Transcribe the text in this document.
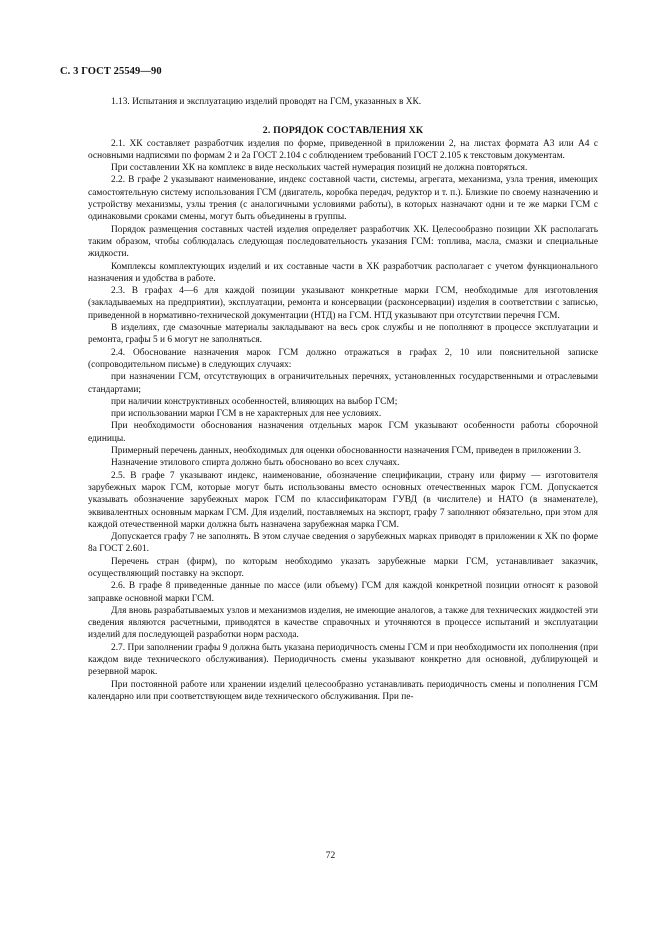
С. 3 ГОСТ 25549—90

1.13. Испытания и эксплуатацию изделий проводят на ГСМ, указанных в ХК.

2. ПОРЯДОК СОСТАВЛЕНИЯ ХК

2.1. ХК составляет разработчик изделия по форме, приведенной в приложении 2, на листах формата А3 или А4 с основными надписями по формам 2 и 2а ГОСТ 2.104 с соблюдением требований ГОСТ 2.105 к текстовым документам.

При составлении ХК на комплекс в виде нескольких частей нумерация позиций не должна повторяться.

2.2. В графе 2 указывают наименование, индекс составной части, системы, агрегата, механизма, узла трения, имеющих самостоятельную систему использования ГСМ (двигатель, коробка передач, редуктор и т. п.). Близкие по своему назначению и устройству механизмы, узлы трения (с аналогичными условиями работы), в которых назначают одни и те же марки ГСМ с одинаковыми сроками смены, могут быть объединены в группы.

Порядок размещения составных частей изделия определяет разработчик ХК. Целесообразно позиции ХК располагать таким образом, чтобы соблюдалась следующая последовательность указания ГСМ: топлива, масла, смазки и специальные жидкости.

Комплексы комплектующих изделий и их составные части в ХК разработчик располагает с учетом функционального назначения и удобства в работе.

2.3. В графах 4—6 для каждой позиции указывают конкретные марки ГСМ, необходимые для изготовления (закладываемых на предприятии), эксплуатации, ремонта и консервации (расконсервации) изделия в соответствии с записью, приведенной в нормативно-технической документации (НТД) на ГСМ. НТД указывают при отсутствии перечня ГСМ.

В изделиях, где смазочные материалы закладывают на весь срок службы и не пополняют в процессе эксплуатации и ремонта, графы 5 и 6 могут не заполняться.

2.4. Обоснование назначения марок ГСМ должно отражаться в графах 2, 10 или пояснительной записке (сопроводительном письме) в следующих случаях:

при назначении ГСМ, отсутствующих в ограничительных перечнях, установленных государственными и отраслевыми стандартами;

при наличии конструктивных особенностей, влияющих на выбор ГСМ;

при использовании марки ГСМ в не характерных для нее условиях.

При необходимости обоснования назначения отдельных марок ГСМ указывают особенности работы сборочной единицы.

Примерный перечень данных, необходимых для оценки обоснованности назначения ГСМ, приведен в приложении 3.

Назначение этилового спирта должно быть обосновано во всех случаях.

2.5. В графе 7 указывают индекс, наименование, обозначение спецификации, страну или фирму — изготовителя зарубежных марок ГСМ, которые могут быть использованы вместо основных отечественных марок ГСМ. Допускается указывать обозначение зарубежных марок ГСМ по классификаторам ГУВД (в числителе) и НАТО (в знаменателе), эквивалентных основным маркам ГСМ. Для изделий, поставляемых на экспорт, графу 7 заполняют обязательно, при этом для каждой отечественной марки должна быть назначена зарубежная марка ГСМ.

Допускается графу 7 не заполнять. В этом случае сведения о зарубежных марках приводят в приложении к ХК по форме 8а ГОСТ 2.601.

Перечень стран (фирм), по которым необходимо указать зарубежные марки ГСМ, устанавливает заказчик, осуществляющий поставку на экспорт.

2.6. В графе 8 приведенные данные по массе (или объему) ГСМ для каждой конкретной позиции относят к разовой заправке основной марки ГСМ.

Для вновь разрабатываемых узлов и механизмов изделия, не имеющие аналогов, а также для технических жидкостей эти сведения являются расчетными, приводятся в качестве справочных и уточняются в процессе испытаний и эксплуатации изделий для последующей разработки норм расхода.

2.7. При заполнении графы 9 должна быть указана периодичность смены ГСМ и при необходимости их пополнения (при каждом виде технического обслуживания). Периодичность смены указывают конкретно для основной, дублирующей и резервной марок.

При постоянной работе или хранении изделий целесообразно устанавливать периодичность смены и пополнения ГСМ календарно или при соответствующем виде технического обслуживания. При пе-

72
